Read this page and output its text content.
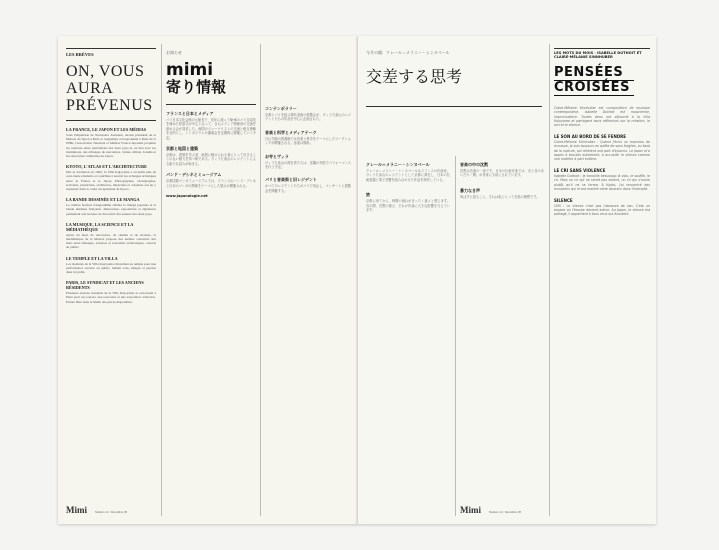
LES BRÈVES
ON, VOUS AURA PRÉVENUS
LA FRANCE, LE JAPON ET LES MÉDIAS
Sous l'impulsion de Nouveaux Journaux, ancien président de la Maison du Japon à Paris et longtemps correspondant à Paris de la NHK, l'association Tanabata et Médias France-Japonais propulse les relations entre journalistes des deux pays et, en lien avec les institutions, des échanges de rencontres, visites, débats, forums et les rencontres culturelles du Japon.
KYOTO, L'ATLAS ET L'ARCHITECTURE
Dès sa fondation en 1992, la Villa Kujoyama a accueilli plus de cent-trente résidents et contribué à nourrir les échanges artistiques entre la France et le Japon. Photographes, chorégraphes, écrivains, plasticiens, architectes, musiciens et créateurs ont pu y séjourner dans le cadre exceptionnel de Kyoto.
LA BANDE DESSINÉE ET LE MANGA
Le célèbre festival d'Angoulême célèbre le manga japonais et la bande dessinée française. Rencontres, expositions et signatures permettent aux lecteurs de découvrir des auteurs des deux pays.
LA MUSIQUE, LA SCIENCE ET LA MÉDIATHÈQUE
Après un mois de rencontres, de cinéma et de lectures, la médiathèque de la Maison propose des ateliers consacrés aux liens entre musique, sciences et nouvelles technologies, ouverts au public.
LE TEMPLE ET LA VILLA
Les résidents de la Villa Kujoyama s'installent au temple pour une performance ouverte au public, mêlant sons, images et paroles dans le jardin.
PARIS, LE SYNDICAT ET LES ANCIENS RÉSIDENTS
Plusieurs anciens résidents de la Villa Kujoyama se retrouvent à Paris pour un concert, une rencontre et une exposition collective. Entrée libre dans la limite des places disponibles.
Mimi	Numéro 22 / Décembre 08
お知らせ
mimi
寄り情報
フランスと日本とメディア
パリ日本文化会館の元館長で、長年に渡ってNHKのパリ支局長を務めた松原氏が中心となって、日仏メディア関係者の交流を深める会が発足した。両国のジャーナリストの交流と相互理解を目的とし、シンポジウムや講演会を定期的に開催していく予定。
京都と地図と建築
京都は、建築を学ぶ者、地図に魅せられる者にとって尽きることのない魅力を持つ街である。ヴィラ九条山のレジデントによる新たな試みが始まる。
パンド・デシネとミュージアム
京都国際マンガミュージアムでは、フランスのバンド・デシネと日本のマンガの関係をテーマにした展示が開催される。
www.japanologie.net
コンテンポラリー
京都とパリを結ぶ現代美術の展覧会が、ヴィラ九条山のレジデントたちの作品を中心に企画された。
音楽と科学とメディアテーク
日仏学館の図書館では音楽と科学をテーマにしたワークショップが開催される。参加は無料。
お寺とヴィラ
ヴィラ九条山の滞在者たちは、近隣の寺院でパフォーマンスを行う予定。
パリと音楽祭と旧レジデント
かつてのレジデントたちがパリで再会し、コンサートと展覧会を開催する。
今月の顔：クレール＝メラニー・シンヌベール
交差する思考
クレール＝メラニー・シンヌベール
クレール＝メラニー・シンヌベールはフランスの作曲家。ヴィラ九条山のレジデントとして京都に滞在し、日本の伝統楽器と電子音響を組み合わせた作品を制作している。
旅
京都に来てから、時間の流れがまったく違うと感じます。音の間、沈黙の重さ、それが作曲に大きな影響を与えています。
音楽の中の沈黙
沈黙は音楽の一部です。日本の伝統音楽では、音と音のあいだの「間」が非常に大切にされています。
暴力なき声
叫ばずに語ること。それは私にとって音楽の理想です。
LES MOTS DU MOIS · ISABELLE DUTHOIT ET CLAIRE-MÉLANIE SINNHUBER
PENSÉES
CROISÉES
Claire-Mélanie Sinnhuber est compositrice de musique contemporaine. Isabelle Duthoit est musicienne, improvisatrice. Toutes deux ont séjourné à la Villa Kujoyama et partagent leurs réflexions sur la création, le son et le silence.
LE SON AU BORD DE SE FENDRE
Claire-Mélanie Sinnhuber : Quand j'écris un morceau de musique, je suis toujours en quête de sons fragiles, au bord de la rupture, qui révèlent une part d'inconnu. Le Japon m'a appris à écouter autrement, à accueillir le silence comme une matière à part entière.
LE CRI SANS VIOLENCE
Isabelle Duthoit : Je travaille beaucoup la voix, le souffle, le cri. Mais un cri qui ne serait pas violent, un cri qui s'ouvre plutôt qu'il ne se ferme. À Kyoto, j'ai rencontré des musiciens qui m'ont montré cette douceur dans l'intensité.
SILENCE
CMS : Le silence n'est pas l'absence de son. C'est un espace où l'écoute devient active. Au Japon, le silence est partagé, il appartient à tous ceux qui écoutent.
Mimi	Numéro 22 / Décembre 08
